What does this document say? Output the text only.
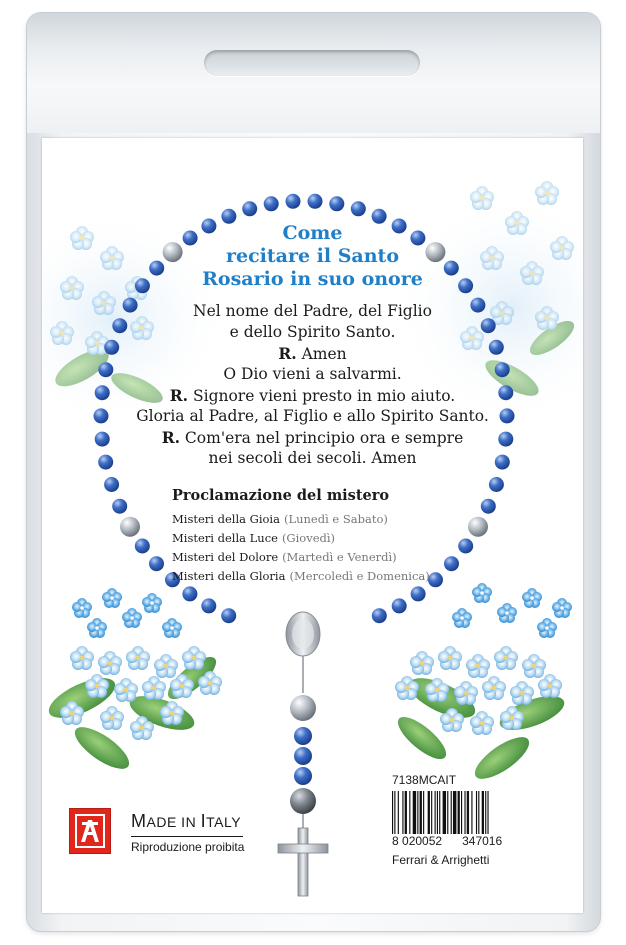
Come
recitare il Santo
Rosario in suo onore
Nel nome del Padre, del Figlio
e dello Spirito Santo.
R. Amen
O Dio vieni a salvarmi.
R. Signore vieni presto in mio aiuto.
Gloria al Padre, al Figlio e allo Spirito Santo.
R. Com'era nel principio ora e sempre
nei secoli dei secoli. Amen
Proclamazione del mistero
Misteri della Gioia (Lunedì e Sabato)
Misteri della Luce (Giovedì)
Misteri del Dolore (Martedì e Venerdì)
Misteri della Gloria (Mercoledì e Domenica)
MADE IN ITALY
Riproduzione proibita
7138MCAIT
8 020052 347016
Ferrari & Arrighetti
